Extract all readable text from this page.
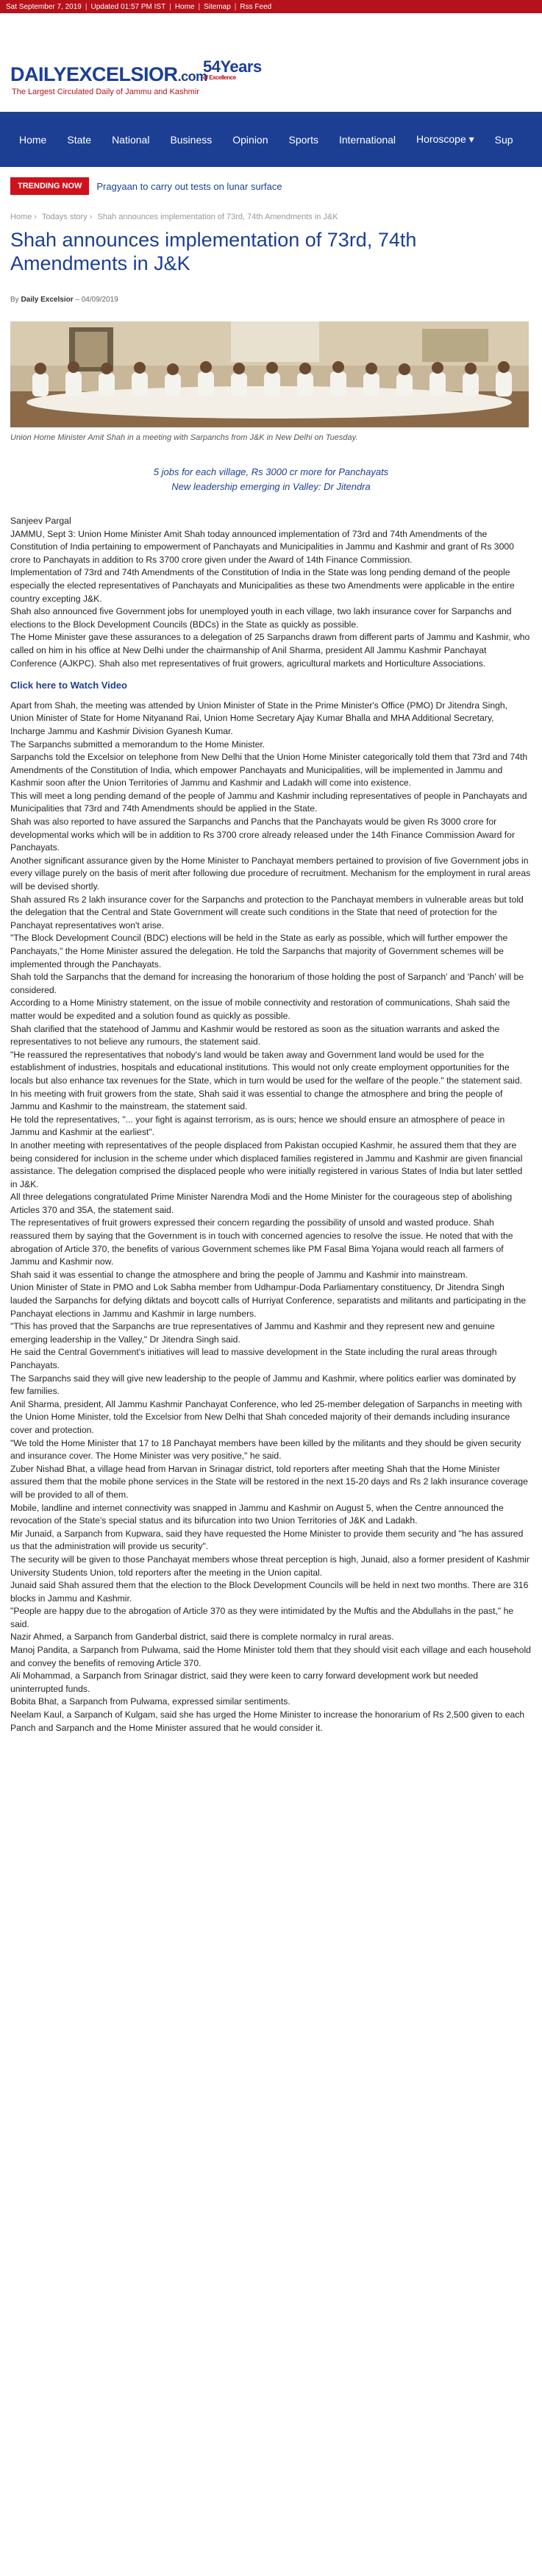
Sat September 7, 2019 | Updated 01:57 PM IST | Home | Sitemap | Rss Feed
DAILYEXCELSIOR.com
54Years
of Excellence
The Largest Circulated Daily of Jammu and Kashmir
Home	State	National	Business	Opinion	Sports	International	Horoscope ▾	Sup
TRENDING NOW	Pragyaan to carry out tests on lunar surface
Home › Todays story › Shah announces implementation of 73rd, 74th Amendments in J&K
Shah announces implementation of 73rd, 74th Amendments in J&K
By Daily Excelsior – 04/09/2019
Union Home Minister Amit Shah in a meeting with Sarpanchs from J&K in New Delhi on Tuesday.
5 jobs for each village, Rs 3000 cr more for Panchayats
New leadership emerging in Valley: Dr Jitendra

Sanjeev Pargal

JAMMU, Sept 3: Union Home Minister Amit Shah today announced implementation of 73rd and 74th Amendments of the Constitution of India pertaining to empowerment of Panchayats and Municipalities in Jammu and Kashmir and grant of Rs 3000 crore to Panchayats in addition to Rs 3700 crore given under the Award of 14th Finance Commission.

Implementation of 73rd and 74th Amendments of the Constitution of India in the State was long pending demand of the people especially the elected representatives of Panchayats and Municipalities as these two Amendments were applicable in the entire country excepting J&K.

Shah also announced five Government jobs for unemployed youth in each village, two lakh insurance cover for Sarpanchs and elections to the Block Development Councils (BDCs) in the State as quickly as possible.

The Home Minister gave these assurances to a delegation of 25 Sarpanchs drawn from different parts of Jammu and Kashmir, who called on him in his office at New Delhi under the chairmanship of Anil Sharma, president All Jammu Kashmir Panchayat Conference (AJKPC). Shah also met representatives of fruit growers, agricultural markets and Horticulture Associations.

Click here to Watch Video

Apart from Shah, the meeting was attended by Union Minister of State in the Prime Minister's Office (PMO) Dr Jitendra Singh, Union Minister of State for Home Nityanand Rai, Union Home Secretary Ajay Kumar Bhalla and MHA Additional Secretary, Incharge Jammu and Kashmir Division Gyanesh Kumar.

The Sarpanchs submitted a memorandum to the Home Minister.

Sarpanchs told the Excelsior on telephone from New Delhi that the Union Home Minister categorically told them that 73rd and 74th Amendments of the Constitution of India, which empower Panchayats and Municipalities, will be implemented in Jammu and Kashmir soon after the Union Territories of Jammu and Kashmir and Ladakh will come into existence.

This will meet a long pending demand of the people of Jammu and Kashmir including representatives of people in Panchayats and Municipalities that 73rd and 74th Amendments should be applied in the State.

Shah was also reported to have assured the Sarpanchs and Panchs that the Panchayats would be given Rs 3000 crore for developmental works which will be in addition to Rs 3700 crore already released under the 14th Finance Commission Award for Panchayats.

Another significant assurance given by the Home Minister to Panchayat members pertained to provision of five Government jobs in every village purely on the basis of merit after following due procedure of recruitment. Mechanism for the employment in rural areas will be devised shortly.

Shah assured Rs 2 lakh insurance cover for the Sarpanchs and protection to the Panchayat members in vulnerable areas but told the delegation that the Central and State Government will create such conditions in the State that need of protection for the Panchayat representatives won't arise.

"The Block Development Council (BDC) elections will be held in the State as early as possible, which will further empower the Panchayats," the Home Minister assured the delegation. He told the Sarpanchs that majority of Government schemes will be implemented through the Panchayats.

Shah told the Sarpanchs that the demand for increasing the honorarium of those holding the post of Sarpanch' and 'Panch' will be considered.

According to a Home Ministry statement, on the issue of mobile connectivity and restoration of communications, Shah said the matter would be expedited and a solution found as quickly as possible.

Shah clarified that the statehood of Jammu and Kashmir would be restored as soon as the situation warrants and asked the representatives to not believe any rumours, the statement said.

"He reassured the representatives that nobody's land would be taken away and Government land would be used for the establishment of industries, hospitals and educational institutions. This would not only create employment opportunities for the locals but also enhance tax revenues for the State, which in turn would be used for the welfare of the people." the statement said.

In his meeting with fruit growers from the state, Shah said it was essential to change the atmosphere and bring the people of Jammu and Kashmir to the mainstream, the statement said.

He told the representatives, "... your fight is against terrorism, as is ours; hence we should ensure an atmosphere of peace in Jammu and Kashmir at the earliest".

In another meeting with representatives of the people displaced from Pakistan occupied Kashmir, he assured them that they are being considered for inclusion in the scheme under which displaced families registered in Jammu and Kashmir are given financial assistance. The delegation comprised the displaced people who were initially registered in various States of India but later settled in J&K.

All three delegations congratulated Prime Minister Narendra Modi and the Home Minister for the courageous step of abolishing Articles 370 and 35A, the statement said.

The representatives of fruit growers expressed their concern regarding the possibility of unsold and wasted produce. Shah reassured them by saying that the Government is in touch with concerned agencies to resolve the issue. He noted that with the abrogation of Article 370, the benefits of various Government schemes like PM Fasal Bima Yojana would reach all farmers of Jammu and Kashmir now.

Shah said it was essential to change the atmosphere and bring the people of Jammu and Kashmir into mainstream.

Union Minister of State in PMO and Lok Sabha member from Udhampur-Doda Parliamentary constituency, Dr Jitendra Singh lauded the Sarpanchs for defying diktats and boycott calls of Hurriyat Conference, separatists and militants and participating in the Panchayat elections in Jammu and Kashmir in large numbers.

"This has proved that the Sarpanchs are true representatives of Jammu and Kashmir and they represent new and genuine emerging leadership in the Valley," Dr Jitendra Singh said.

He said the Central Government's initiatives will lead to massive development in the State including the rural areas through Panchayats.

The Sarpanchs said they will give new leadership to the people of Jammu and Kashmir, where politics earlier was dominated by few families.

Anil Sharma, president, All Jammu Kashmir Panchayat Conference, who led 25-member delegation of Sarpanchs in meeting with the Union Home Minister, told the Excelsior from New Delhi that Shah conceded majority of their demands including insurance cover and protection.

"We told the Home Minister that 17 to 18 Panchayat members have been killed by the militants and they should be given security and insurance cover. The Home Minister was very positive," he said.

Zuber Nishad Bhat, a village head from Harvan in Srinagar district, told reporters after meeting Shah that the Home Minister assured them that the mobile phone services in the State will be restored in the next 15-20 days and Rs 2 lakh insurance coverage will be provided to all of them.

Mobile, landline and internet connectivity was snapped in Jammu and Kashmir on August 5, when the Centre announced the revocation of the State's special status and its bifurcation into two Union Territories of J&K and Ladakh.

Mir Junaid, a Sarpanch from Kupwara, said they have requested the Home Minister to provide them security and "he has assured us that the administration will provide us security".

The security will be given to those Panchayat members whose threat perception is high, Junaid, also a former president of Kashmir University Students Union, told reporters after the meeting in the Union capital.

Junaid said Shah assured them that the election to the Block Development Councils will be held in next two months. There are 316 blocks in Jammu and Kashmir.

"People are happy due to the abrogation of Article 370 as they were intimidated by the Muftis and the Abdullahs in the past," he said.

Nazir Ahmed, a Sarpanch from Ganderbal district, said there is complete normalcy in rural areas.

Manoj Pandita, a Sarpanch from Pulwama, said the Home Minister told them that they should visit each village and each household and convey the benefits of removing Article 370.

Ali Mohammad, a Sarpanch from Srinagar district, said they were keen to carry forward development work but needed uninterrupted funds.

Bobita Bhat, a Sarpanch from Pulwama, expressed similar sentiments.

Neelam Kaul, a Sarpanch of Kulgam, said she has urged the Home Minister to increase the honorarium of Rs 2,500 given to each Panch and Sarpanch and the Home Minister assured that he would consider it.
